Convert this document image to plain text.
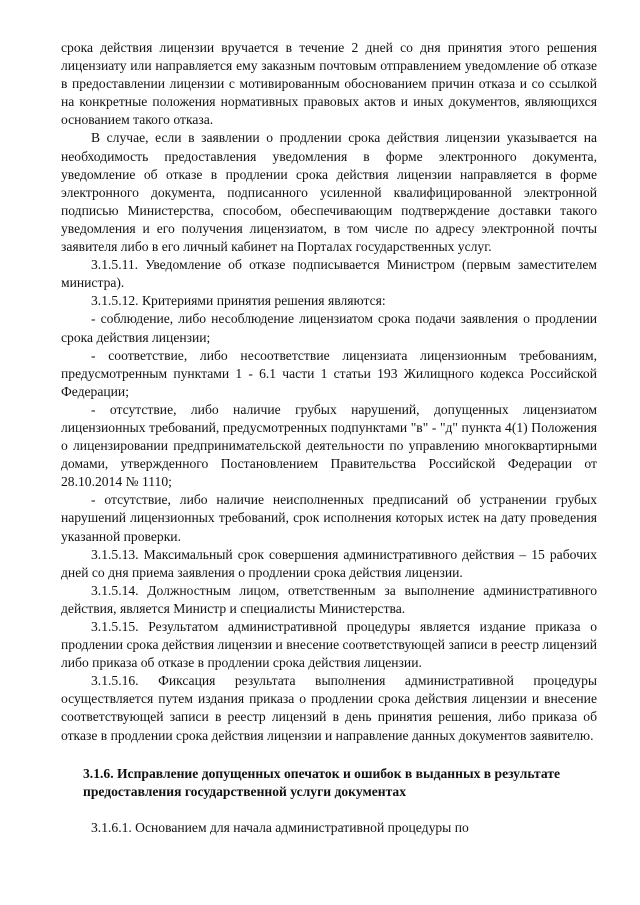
срока действия лицензии вручается в течение 2 дней со дня принятия этого решения лицензиату или направляется ему заказным почтовым отправлением уведомление об отказе в предоставлении лицензии с мотивированным обоснованием причин отказа и со ссылкой на конкретные положения нормативных правовых актов и иных документов, являющихся основанием такого отказа.

В случае, если в заявлении о продлении срока действия лицензии указывается на необходимость предоставления уведомления в форме электронного документа, уведомление об отказе в продлении срока действия лицензии направляется в форме электронного документа, подписанного усиленной квалифицированной электронной подписью Министерства, способом, обеспечивающим подтверждение доставки такого уведомления и его получения лицензиатом, в том числе по адресу электронной почты заявителя либо в его личный кабинет на Порталах государственных услуг.

3.1.5.11. Уведомление об отказе подписывается Министром (первым заместителем министра).

3.1.5.12. Критериями принятия решения являются:

- соблюдение, либо несоблюдение лицензиатом срока подачи заявления о продлении срока действия лицензии;

- соответствие, либо несоответствие лицензиата лицензионным требованиям, предусмотренным пунктами 1 - 6.1 части 1 статьи 193 Жилищного кодекса Российской Федерации;

- отсутствие, либо наличие грубых нарушений, допущенных лицензиатом лицензионных требований, предусмотренных подпунктами "в" - "д" пункта 4(1) Положения о лицензировании предпринимательской деятельности по управлению многоквартирными домами, утвержденного Постановлением Правительства Российской Федерации от 28.10.2014 № 1110;

- отсутствие, либо наличие неисполненных предписаний об устранении грубых нарушений лицензионных требований, срок исполнения которых истек на дату проведения указанной проверки.

3.1.5.13. Максимальный срок совершения административного действия – 15 рабочих дней со дня приема заявления о продлении срока действия лицензии.

3.1.5.14. Должностным лицом, ответственным за выполнение административного действия, является Министр и специалисты Министерства.

3.1.5.15. Результатом административной процедуры является издание приказа о продлении срока действия лицензии и внесение соответствующей записи в реестр лицензий либо приказа об отказе в продлении срока действия лицензии.

3.1.5.16. Фиксация результата выполнения административной процедуры осуществляется путем издания приказа о продлении срока действия лицензии и внесение соответствующей записи в реестр лицензий в день принятия решения, либо приказа об отказе в продлении срока действия лицензии и направление данных документов заявителю.

3.1.6. Исправление допущенных опечаток и ошибок в выданных в результате предоставления государственной услуги документах

3.1.6.1. Основанием для начала административной процедуры по
